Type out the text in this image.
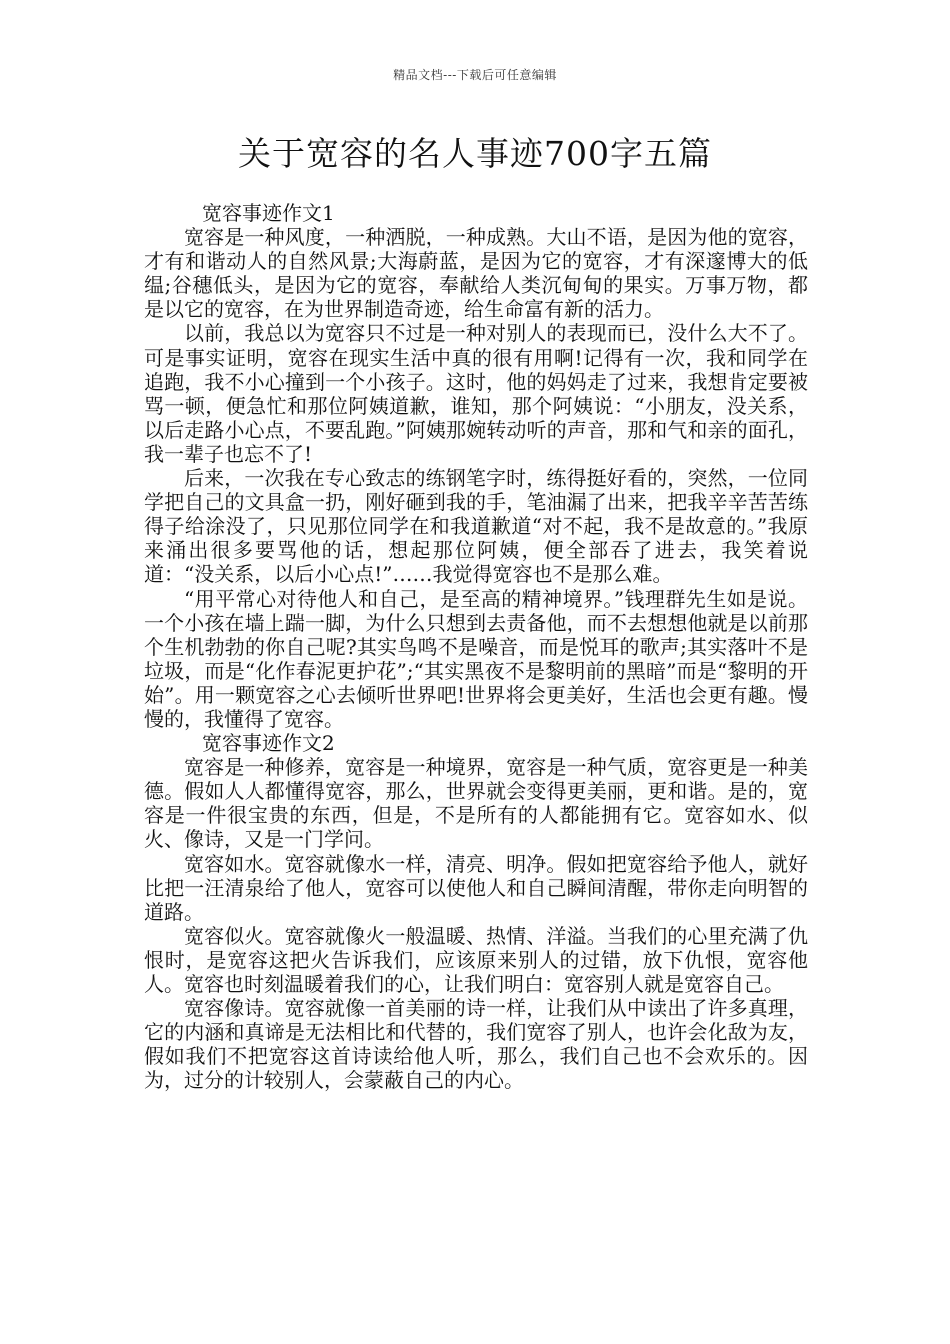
精品文档---下载后可任意编辑
关于宽容的名人事迹700字五篇

宽容事迹作文1

宽容是一种风度，一种洒脱，一种成熟。大山不语，是因为他的宽容，才有和谐动人的自然风景;大海蔚蓝，是因为它的宽容，才有深邃博大的低缊;谷穗低头，是因为它的宽容，奉献给人类沉甸甸的果实。万事万物，都是以它的宽容，在为世界制造奇迹，给生命富有新的活力。

以前，我总以为宽容只不过是一种对别人的表现而已，没什么大不了。可是事实证明，宽容在现实生活中真的很有用啊!记得有一次，我和同学在追跑，我不小心撞到一个小孩子。这时，他的妈妈走了过来，我想肯定要被骂一顿，便急忙和那位阿姨道歉，谁知，那个阿姨说：“小朋友，没关系，以后走路小心点，不要乱跑。”阿姨那婉转动听的声音，那和气和亲的面孔，我一辈子也忘不了!

后来，一次我在专心致志的练钢笔字时，练得挺好看的，突然，一位同学把自己的文具盒一扔，刚好砸到我的手，笔油漏了出来，把我辛辛苦苦练得子给涂没了，只见那位同学在和我道歉道“对不起，我不是故意的。”我原来涌出很多要骂他的话，想起那位阿姨，便全部吞了进去，我笑着说道：“没关系，以后小心点!”……我觉得宽容也不是那么难。

“用平常心对待他人和自己，是至高的精神境界。”钱理群先生如是说。一个小孩在墙上踹一脚，为什么只想到去责备他，而不去想想他就是以前那个生机勃勃的你自己呢?其实鸟鸣不是噪音，而是悦耳的歌声;其实落叶不是垃圾，而是“化作春泥更护花”;“其实黑夜不是黎明前的黑暗”而是“黎明的开始”。用一颗宽容之心去倾听世界吧!世界将会更美好，生活也会更有趣。慢慢的，我懂得了宽容。

宽容事迹作文2

宽容是一种修养，宽容是一种境界，宽容是一种气质，宽容更是一种美德。假如人人都懂得宽容，那么，世界就会变得更美丽，更和谐。是的，宽容是一件很宝贵的东西，但是，不是所有的人都能拥有它。宽容如水、似火、像诗，又是一门学问。

宽容如水。宽容就像水一样，清亮、明净。假如把宽容给予他人，就好比把一汪清泉给了他人，宽容可以使他人和自己瞬间清醒，带你走向明智的道路。

宽容似火。宽容就像火一般温暖、热情、洋溢。当我们的心里充满了仇恨时，是宽容这把火告诉我们，应该原来别人的过错，放下仇恨，宽容他人。宽容也时刻温暖着我们的心，让我们明白：宽容别人就是宽容自己。

宽容像诗。宽容就像一首美丽的诗一样，让我们从中读出了许多真理，它的内涵和真谛是无法相比和代替的，我们宽容了别人，也许会化敌为友，假如我们不把宽容这首诗读给他人听，那么，我们自己也不会欢乐的。因为，过分的计较别人，会蒙蔽自己的内心。
